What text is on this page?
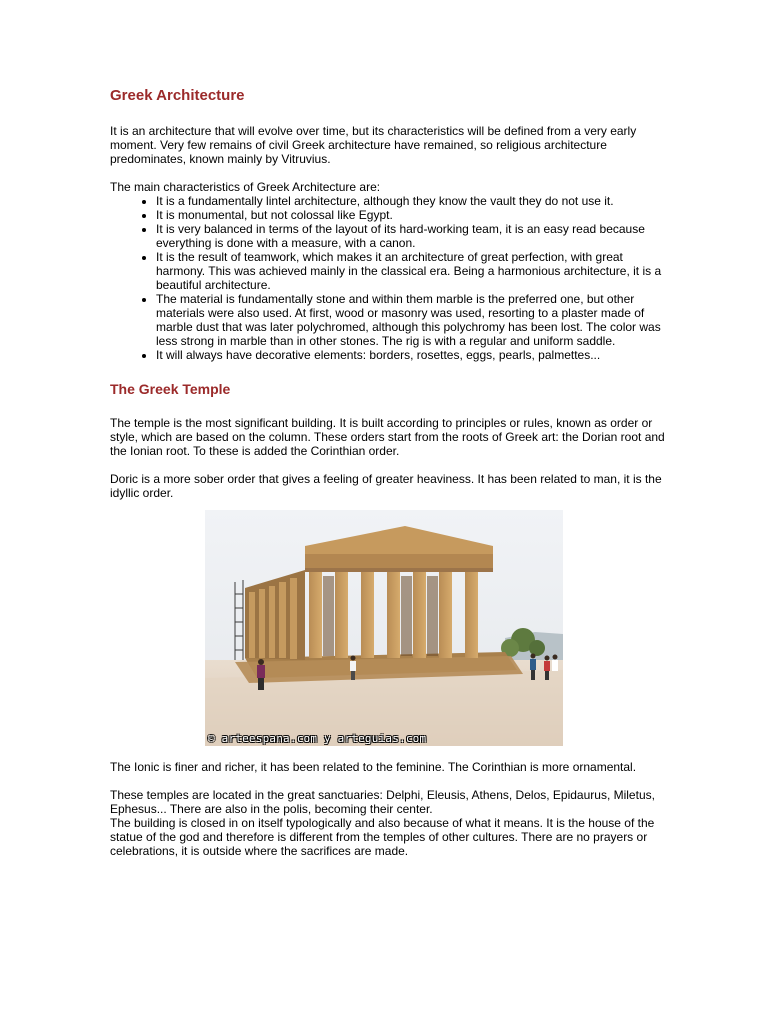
Greek Architecture

It is an architecture that will evolve over time, but its characteristics will be defined from a very early moment. Very few remains of civil Greek architecture have remained, so religious architecture predominates, known mainly by Vitruvius.

The main characteristics of Greek Architecture are:

• It is a fundamentally lintel architecture, although they know the vault they do not use it.
• It is monumental, but not colossal like Egypt.
• It is very balanced in terms of the layout of its hard-working team, it is an easy read because everything is done with a measure, with a canon.
• It is the result of teamwork, which makes it an architecture of great perfection, with great harmony. This was achieved mainly in the classical era. Being a harmonious architecture, it is a beautiful architecture.
• The material is fundamentally stone and within them marble is the preferred one, but other materials were also used. At first, wood or masonry was used, resorting to a plaster made of marble dust that was later polychromed, although this polychromy has been lost. The color was less strong in marble than in other stones. The rig is with a regular and uniform saddle.
• It will always have decorative elements: borders, rosettes, eggs, pearls, palmettes...
The Greek Temple

The temple is the most significant building. It is built according to principles or rules, known as order or style, which are based on the column. These orders start from the roots of Greek art: the Dorian root and the Ionian root. To these is added the Corinthian order.

Doric is a more sober order that gives a feeling of greater heaviness. It has been related to man, it is the idyllic order.

© arteespana.com y arteguias.com

The Ionic is finer and richer, it has been related to the feminine. The Corinthian is more ornamental.

These temples are located in the great sanctuaries: Delphi, Eleusis, Athens, Delos, Epidaurus, Miletus, Ephesus... There are also in the polis, becoming their center.

The building is closed in on itself typologically and also because of what it means. It is the house of the statue of the god and therefore is different from the temples of other cultures. There are no prayers or celebrations, it is outside where the sacrifices are made.
